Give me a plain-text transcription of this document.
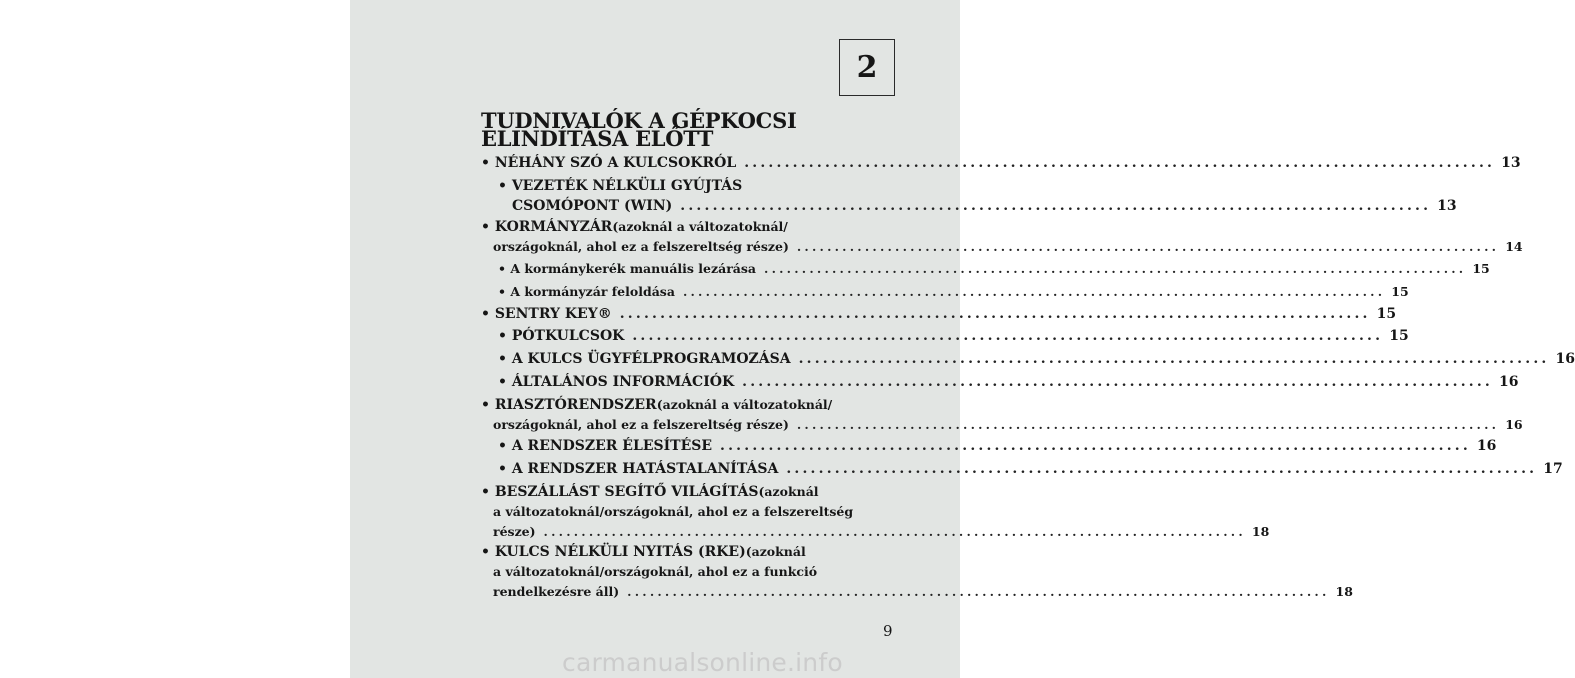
2
TUDNIVALÓK A GÉPKOCSI ELINDÍTÁSA ELŐTT
• NÉHÁNY SZÓ A KULCSOKRÓL ............................................................................................. 13
• VEZETÉK NÉLKÜLI GYÚJTÁS
CSOMÓPONT (WIN) ............................................................................................. 13
• KORMÁNYZÁR (azoknál a változatoknál/
országoknál, ahol ez a felszereltség része) ............................................................................................. 14
• A kormánykerék manuális lezárása ............................................................................................. 15
• A kormányzár feloldása ............................................................................................. 15
• SENTRY KEY® ............................................................................................. 15
• PÓTKULCSOK ............................................................................................. 15
• A KULCS ÜGYFÉLPROGRAMOZÁSA ............................................................................................. 16
• ÁLTALÁNOS INFORMÁCIÓK ............................................................................................. 16
• RIASZTÓRENDSZER (azoknál a változatoknál/
országoknál, ahol ez a felszereltség része) ............................................................................................. 16
• A RENDSZER ÉLESÍTÉSE ............................................................................................. 16
• A RENDSZER HATÁSTALANÍTÁSA ............................................................................................. 17
• BESZÁLLÁST SEGÍTŐ VILÁGÍTÁS (azoknál
a változatoknál/országoknál, ahol ez a felszereltség
része) ............................................................................................. 18
• KULCS NÉLKÜLI NYITÁS (RKE) (azoknál
a változatoknál/országoknál, ahol ez a funkció
rendelkezésre áll) ............................................................................................. 18
9
carmanualsonline.info
